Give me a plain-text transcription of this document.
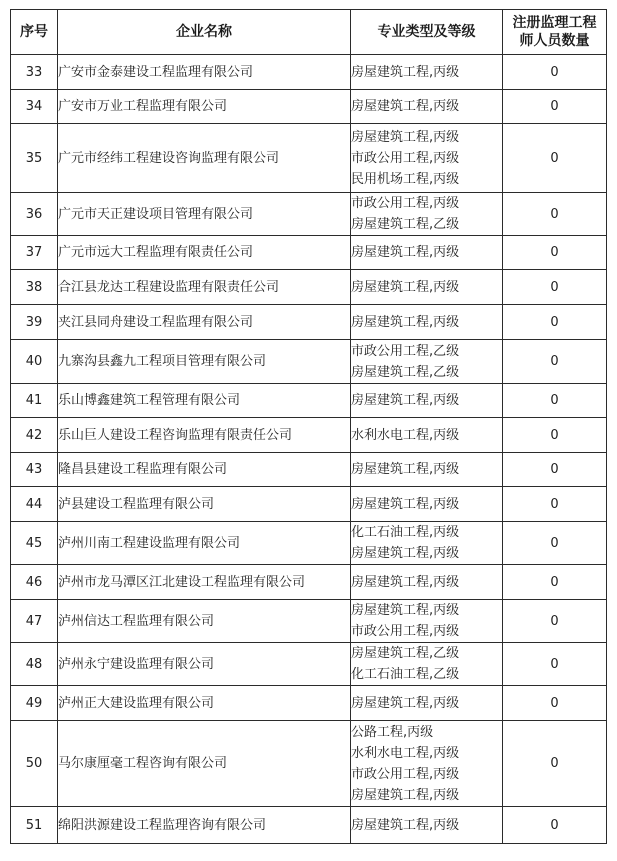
序号	企业名称	专业类型及等级	注册监理工程
师人员数量

33	广安市金泰建设工程监理有限公司	房屋建筑工程,丙级	0
34	广安市万业工程监理有限公司	房屋建筑工程,丙级	0
35	广元市经纬工程建设咨询监理有限公司	房屋建筑工程,丙级
市政公用工程,丙级
民用机场工程,丙级	0
36	广元市天正建设项目管理有限公司	市政公用工程,丙级
房屋建筑工程,乙级	0
37	广元市远大工程监理有限责任公司	房屋建筑工程,丙级	0
38	合江县龙达工程建设监理有限责任公司	房屋建筑工程,丙级	0
39	夹江县同舟建设工程监理有限公司	房屋建筑工程,丙级	0
40	九寨沟县鑫九工程项目管理有限公司	市政公用工程,乙级
房屋建筑工程,乙级	0
41	乐山博鑫建筑工程管理有限公司	房屋建筑工程,丙级	0
42	乐山巨人建设工程咨询监理有限责任公司	水利水电工程,丙级	0
43	隆昌县建设工程监理有限公司	房屋建筑工程,丙级	0
44	泸县建设工程监理有限公司	房屋建筑工程,丙级	0
45	泸州川南工程建设监理有限公司	化工石油工程,丙级
房屋建筑工程,丙级	0
46	泸州市龙马潭区江北建设工程监理有限公司	房屋建筑工程,丙级	0
47	泸州信达工程监理有限公司	房屋建筑工程,丙级
市政公用工程,丙级	0
48	泸州永宁建设监理有限公司	房屋建筑工程,乙级
化工石油工程,乙级	0
49	泸州正大建设监理有限公司	房屋建筑工程,丙级	0
50	马尔康厘毫工程咨询有限公司	公路工程,丙级
水利水电工程,丙级
市政公用工程,丙级
房屋建筑工程,丙级	0
51	绵阳洪源建设工程监理咨询有限公司	房屋建筑工程,丙级	0
